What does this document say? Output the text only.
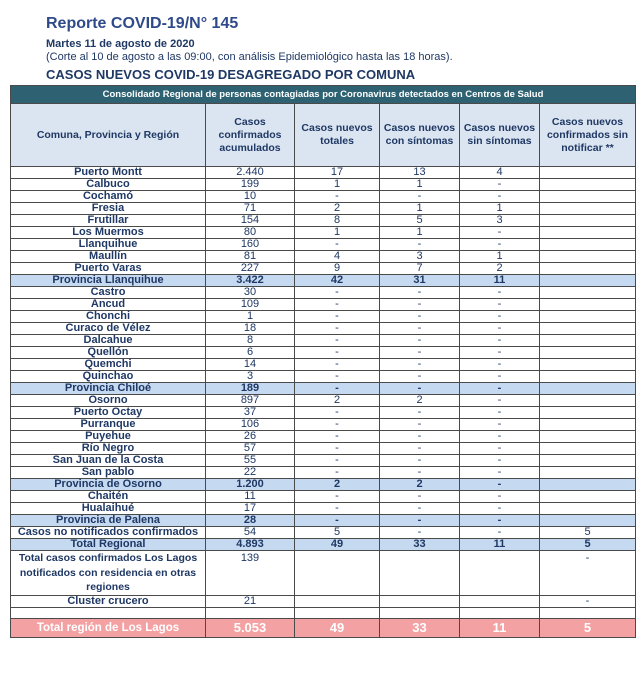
Reporte COVID-19/N° 145
Martes 11 de agosto de 2020
(Corte al 10 de agosto a las 09:00, con análisis Epidemiológico hasta las 18 horas).
CASOS NUEVOS COVID-19 DESAGREGADO POR COMUNA
Consolidado Regional de personas contagiadas por Coronavirus detectados en Centros de Salud					
Comuna, Provincia y Región	Casos confirmados acumulados	Casos nuevos totales	Casos nuevos con síntomas	Casos nuevos sin síntomas	Casos nuevos confirmados sin notificar **
Puerto Montt	2.440	17	13	4	
Calbuco	199	1	1	-	
Cochamó	10	-	-	-	
Fresia	71	2	1	1	
Frutillar	154	8	5	3	
Los Muermos	80	1	1	-	
Llanquihue	160	-	-	-	
Maullín	81	4	3	1	
Puerto Varas	227	9	7	2	
Provincia Llanquihue	3.422	42	31	11	
Castro	30	-	-	-	
Ancud	109	-	-	-	
Chonchi	1	-	-	-	
Curaco de Vélez	18	-	-	-	
Dalcahue	8	-	-	-	
Quellón	6	-	-	-	
Quemchi	14	-	-	-	
Quinchao	3	-	-	-	
Provincia Chiloé	189	-	-	-	
Osorno	897	2	2	-	
Puerto Octay	37	-	-	-	
Purranque	106	-	-	-	
Puyehue	26	-	-	-	
Río Negro	57	-	-	-	
San Juan de la Costa	55	-	-	-	
San pablo	22	-	-	-	
Provincia de Osorno	1.200	2	2	-	
Chaitén	11	-	-	-	
Hualaihué	17	-	-	-	
Provincia de Palena	28	-	-	-	
Casos no notificados confirmados	54	5	-	-	5
Total Regional	4.893	49	33	11	5
Total casos confirmados Los Lagos notificados con residencia en otras regiones	139				-
Cluster crucero	21				-

Total región de Los Lagos	5.053	49	33	11	5
